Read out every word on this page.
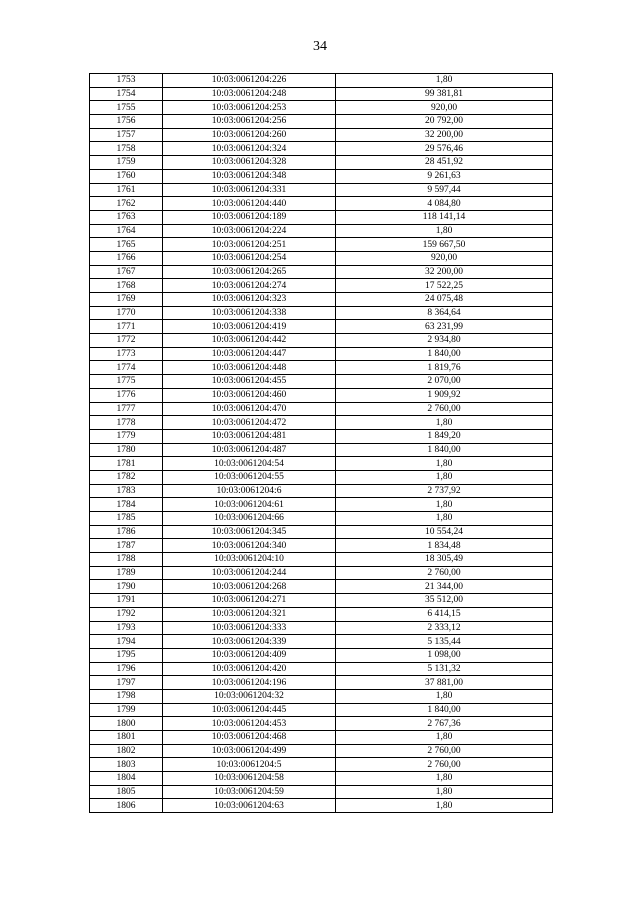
34
1753	10:03:0061204:226	1,80
1754	10:03:0061204:248	99 381,81
1755	10:03:0061204:253	920,00
1756	10:03:0061204:256	20 792,00
1757	10:03:0061204:260	32 200,00
1758	10:03:0061204:324	29 576,46
1759	10:03:0061204:328	28 451,92
1760	10:03:0061204:348	9 261,63
1761	10:03:0061204:331	9 597,44
1762	10:03:0061204:440	4 084,80
1763	10:03:0061204:189	118 141,14
1764	10:03:0061204:224	1,80
1765	10:03:0061204:251	159 667,50
1766	10:03:0061204:254	920,00
1767	10:03:0061204:265	32 200,00
1768	10:03:0061204:274	17 522,25
1769	10:03:0061204:323	24 075,48
1770	10:03:0061204:338	8 364,64
1771	10:03:0061204:419	63 231,99
1772	10:03:0061204:442	2 934,80
1773	10:03:0061204:447	1 840,00
1774	10:03:0061204:448	1 819,76
1775	10:03:0061204:455	2 070,00
1776	10:03:0061204:460	1 909,92
1777	10:03:0061204:470	2 760,00
1778	10:03:0061204:472	1,80
1779	10:03:0061204:481	1 849,20
1780	10:03:0061204:487	1 840,00
1781	10:03:0061204:54	1,80
1782	10:03:0061204:55	1,80
1783	10:03:0061204:6	2 737,92
1784	10:03:0061204:61	1,80
1785	10:03:0061204:66	1,80
1786	10:03:0061204:345	10 554,24
1787	10:03:0061204:340	1 834,48
1788	10:03:0061204:10	18 305,49
1789	10:03:0061204:244	2 760,00
1790	10:03:0061204:268	21 344,00
1791	10:03:0061204:271	35 512,00
1792	10:03:0061204:321	6 414,15
1793	10:03:0061204:333	2 333,12
1794	10:03:0061204:339	5 135,44
1795	10:03:0061204:409	1 098,00
1796	10:03:0061204:420	5 131,32
1797	10:03:0061204:196	37 881,00
1798	10:03:0061204:32	1,80
1799	10:03:0061204:445	1 840,00
1800	10:03:0061204:453	2 767,36
1801	10:03:0061204:468	1,80
1802	10:03:0061204:499	2 760,00
1803	10:03:0061204:5	2 760,00
1804	10:03:0061204:58	1,80
1805	10:03:0061204:59	1,80
1806	10:03:0061204:63	1,80
